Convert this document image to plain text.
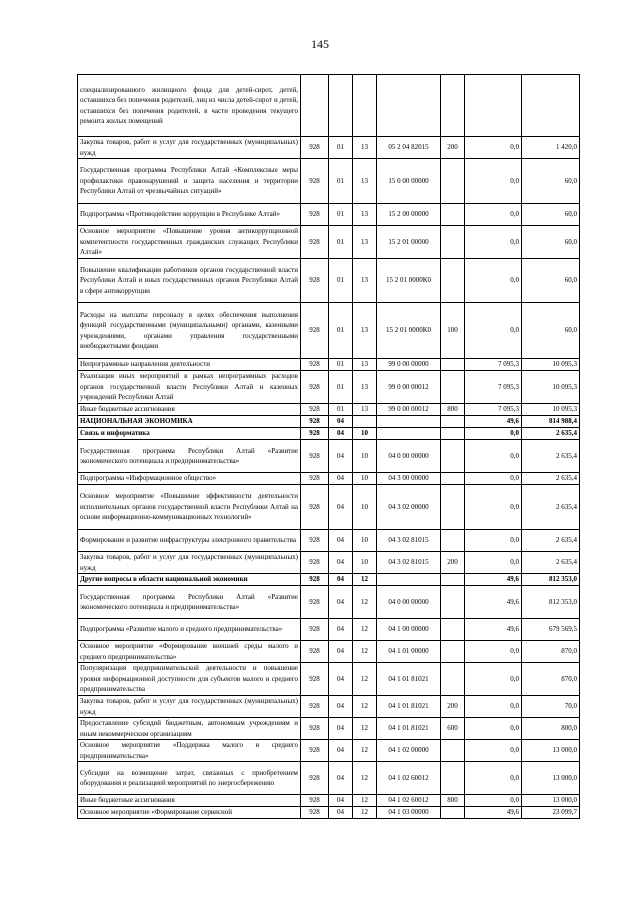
145
специализированного жилищного фонда для детей-сирот, детей, оставшихся без попечения родителей, лиц из числа детей-сирот и детей, оставшихся без попечения родителей, в части проведения текущего ремонта жилых помещений							
Закупка товаров, работ и услуг для государственных (муниципальных) нужд	928	01	13	05 2 04 82015	200	0,0	1 420,0
Государственная программа Республики Алтай «Комплексные меры профилактики правонарушений и защита населения и территории Республики Алтай от чрезвычайных ситуаций»	928	01	13	15 0 00 00000		0,0	60,0
Подпрограмма «Противодействие коррупции в Республике Алтай»	928	01	13	15 2 00 00000		0,0	60,0
Основное мероприятие «Повышение уровня антикоррупционной компетентности государственных гражданских служащих Республики Алтай»	928	01	13	15 2 01 00000		0,0	60,0
Повышение квалификации работников органов государственной власти Республики Алтай и иных государственных органов Республики Алтай в сфере антикоррупции	928	01	13	15 2 01 0000К0		0,0	60,0
Расходы на выплаты персоналу в целях обеспечения выполнения функций государственными (муниципальными) органами, казенными учреждениями, органами управления государственными внебюджетными фондами	928	01	13	15 2 01 0000К0	100	0,0	60,0
Непрограммные направления деятельности	928	01	13	99 0 00 00000		7 095,3	10 095,3
Реализация иных мероприятий в рамках непрограммных расходов органов государственной власти Республики Алтай и казенных учреждений Республики Алтай	928	01	13	99 0 00 00012		7 095,3	10 095,3
Иные бюджетные ассигнования	928	01	13	99 0 00 00012	800	7 095,3	10 095,3
НАЦИОНАЛЬНАЯ ЭКОНОМИКА	928	04				49,6	814 988,4
Связь и информатика	928	04	10			0,0	2 635,4
Государственная программа Республики Алтай «Развитие экономического потенциала и предпринимательства»	928	04	10	04 0 00 00000		0,0	2 635,4
Подпрограмма «Информационное общество»	928	04	10	04 3 00 00000		0,0	2 635,4
Основное мероприятие «Повышение эффективности деятельности исполнительных органов государственной власти Республики Алтай на основе информационно-коммуникационных технологий»	928	04	10	04 3 02 00000		0,0	2 635,4
Формирование и развитие инфраструктуры электронного правительства	928	04	10	04 3 02 81015		0,0	2 635,4
Закупка товаров, работ и услуг для государственных (муниципальных) нужд	928	04	10	04 3 02 81015	200	0,0	2 635,4
Другие вопросы в области национальной экономики	928	04	12			49,6	812 353,0
Государственная программа Республики Алтай «Развитие экономического потенциала и предпринимательства»	928	04	12	04 0 00 00000		49,6	812 353,0
Подпрограмма «Развитие малого и среднего предпринимательства»	928	04	12	04 1 00 00000		49,6	679 569,5
Основное мероприятие «Формирование внешней среды малого и среднего предпринимательства»	928	04	12	04 1 01 00000		0,0	870,0
Популяризация предпринимательской деятельности и повышение уровня информационной доступности для субъектов малого и среднего предпринимательства	928	04	12	04 1 01 81021		0,0	870,0
Закупка товаров, работ и услуг для государственных (муниципальных) нужд	928	04	12	04 1 01 81021	200	0,0	70,0
Предоставление субсидий бюджетным, автономным учреждениям и иным некоммерческим организациям	928	04	12	04 1 01 81021	600	0,0	800,0
Основное мероприятие «Поддержка малого и среднего предпринимательства»	928	04	12	04 1 02 00000		0,0	13 000,0
Субсидии на возмещение затрат, связанных с приобретением оборудования и реализацией мероприятий по энергосбережению	928	04	12	04 1 02 60012		0,0	13 000,0
Иные бюджетные ассигнования	928	04	12	04 1 02 60012	800	0,0	13 000,0
Основное мероприятие «Формирование сервисной	928	04	12	04 1 03 00000		49,6	23 099,7
